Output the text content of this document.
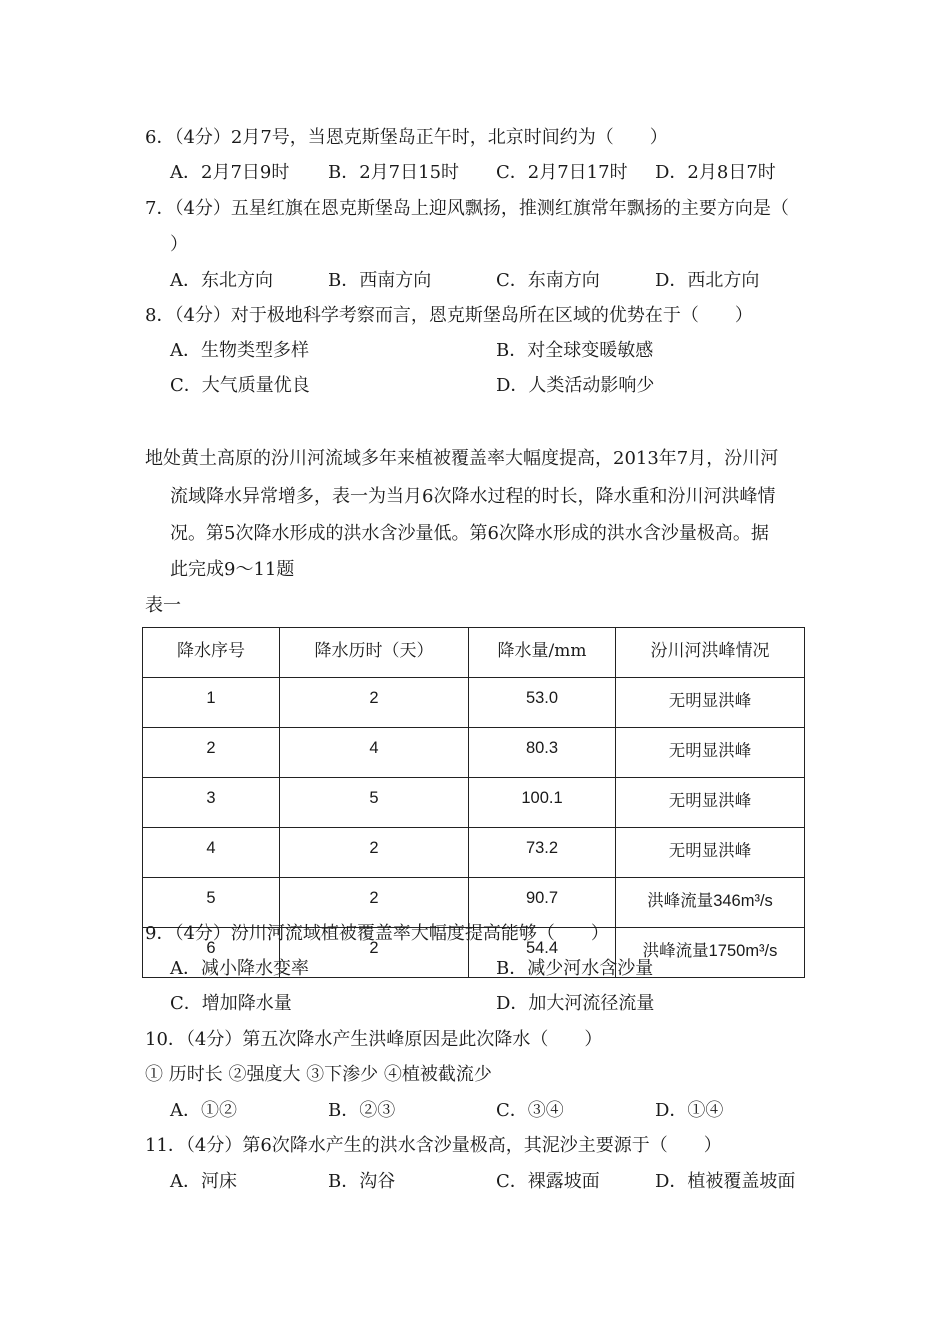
6．（4分）2月7号，当恩克斯堡岛正午时，北京时间约为（　　）
A．2月7日9时 B．2月7日15时 C．2月7日17时 D．2月8日7时
7．（4分）五星红旗在恩克斯堡岛上迎风飘扬，推测红旗常年飘扬的主要方向是（
）
A．东北方向	B．西南方向	C．东南方向	D．西北方向
8．（4分）对于极地科学考察而言，恩克斯堡岛所在区域的优势在于（　　）
A．生物类型多样	B．对全球变暖敏感
C．大气质量优良	D．人类活动影响少
地处黄土高原的汾川河流域多年来植被覆盖率大幅度提高，2013年7月，汾川河
流域降水异常增多，表一为当月6次降水过程的时长，降水重和汾川河洪峰情
况。第5次降水形成的洪水含沙量低。第6次降水形成的洪水含沙量极高。据
此完成9～11题
表一
降水序号	降水历时（天）	降水量/mm	汾川河洪峰情况
1	2	53.0	无明显洪峰
2	4	80.3	无明显洪峰
3	5	100.1	无明显洪峰
4	2	73.2	无明显洪峰
5	2	90.7	洪峰流量346m³/s
6	2	54.4	洪峰流量1750m³/s
9．（4分）汾川河流域植被覆盖率大幅度提高能够（　　）
A．减小降水变率	B．减少河水含沙量
C．增加降水量	D．加大河流径流量
10．（4分）第五次降水产生洪峰原因是此次降水（　　）
① 历时长 ②强度大 ③下渗少 ④植被截流少
A．①②	B．②③	C．③④	D．①④
11．（4分）第6次降水产生的洪水含沙量极高，其泥沙主要源于（　　）
A．河床	B．沟谷	C．裸露坡面	D．植被覆盖坡面
